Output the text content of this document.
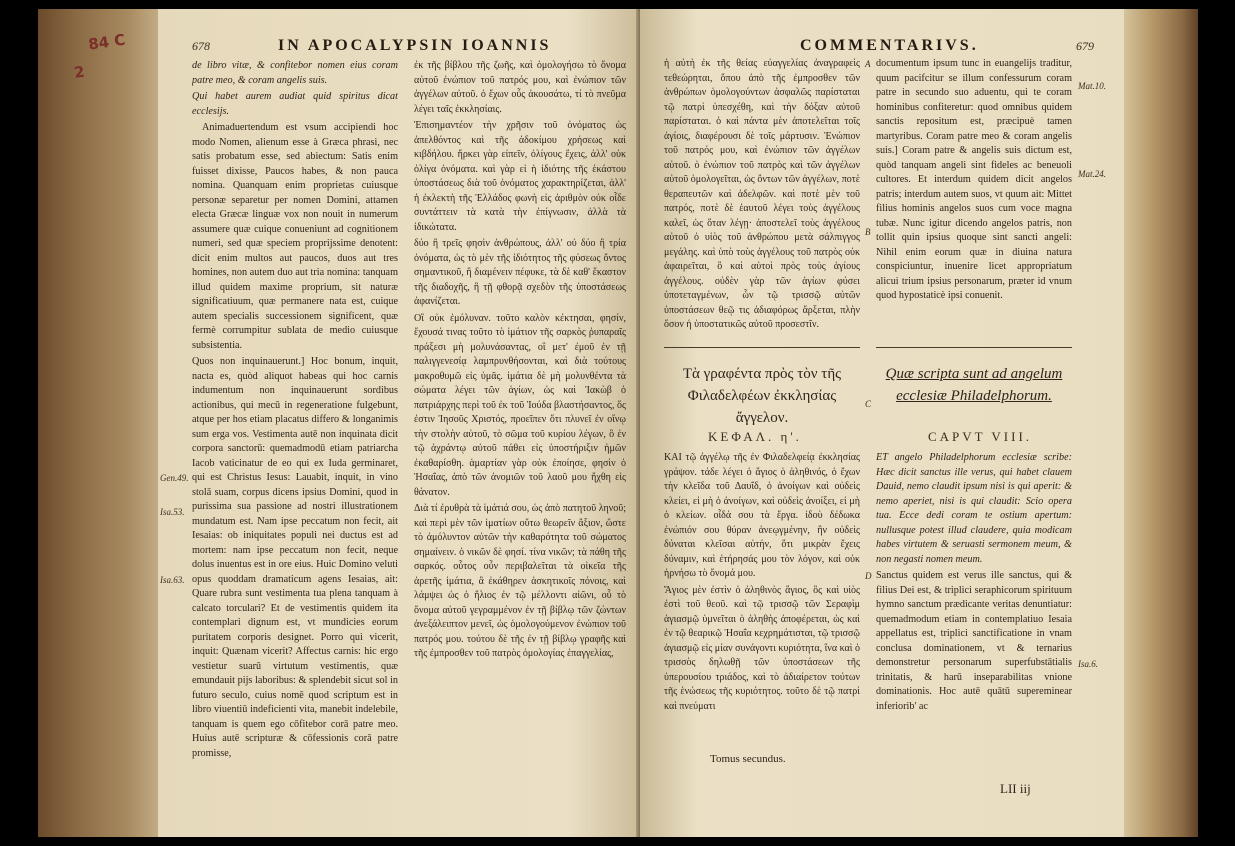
84 C
2
678	IN APOCALYPSIN IOANNIS

de libro vitæ, & confitebor nomen eius coram patre meo, & coram angelis suis.

Qui habet aurem audiat quid spiritus dicat ecclesijs.

Animaduertendum est vsum accipiendi hoc modo Nomen, alienum esse à Græca phrasi, nec satis probatum esse, sed abiectum: Satis enim fuisset dixisse, Paucos habes, & non pauca nomina. Quanquam enim proprietas cuiusque personæ separetur per nomen Domini, attamen electa Græcæ linguæ vox non nouit in numerum assumere quæ cuique conueniunt ad cognitionem numeri, sed quæ speciem proprijssime denotent: dicit enim multos aut paucos, duos aut tres homines, non autem duo aut tria nomina: tanquam illud quidem maxime proprium, sit naturæ significatiuum, quæ permanere nata est, cuique autem specialis successionem significent, quæ fermè corrumpitur sublata de medio cuiusque subsistentia.

Quos non inquinauerunt.] Hoc bonum, inquit, nacta es, quòd aliquot habeas qui hoc carnis indumentum non inquinauerunt sordibus actionibus, qui mecū in regeneratione fulgebunt, atque per hos etiam placatus differo & longanimis sum erga vos. Vestimenta autē non inquinata dicit corpora sanctorū: quemadmodū etiam patriarcha Iacob vaticinatur de eo qui ex Iuda germinaret, qui est Christus Iesus: Lauabit, inquit, in vino stolā suam, corpus dicens ipsius Domini, quod in purissima sua passione ad nostri illustrationem mundatum est. Nam ipse peccatum non fecit, ait Iesaias: ob iniquitates populi nei ductus est ad mortem: nam ipse peccatum non fecit, neque dolus inuentus est in ore eius. Huic Domino veluti opus quoddam dramaticum agens Iesaias, ait: Quare rubra sunt vestimenta tua plena tanquam à calcato torculari? Et de vestimentis quidem ita contemplari dignum est, vt mundicies eorum puritatem corporis designet. Porro qui vicerit, inquit: Quænam vicerit? Affectus carnis: hic ergo vestietur suarū virtutum vestimentis, quæ emundauit pijs laboribus: & splendebit sicut sol in futuro seculo, cuius nomē quod scriptum est in libro viuentiū indeficienti vita, manebit indelebile, tanquam is quem ego cōfitebor corā patre meo. Huius autē scripturæ & cōfessionis corā patre promisse,

Gen.49.
Isa.53.
Isa.63.

ἐκ τῆς βίβλου τῆς ζωῆς, καὶ ὁμολογήσω τὸ ὄνομα αὐτοῦ ἐνώπιον τοῦ πατρός μου, καὶ ἐνώπιον τῶν ἀγγέλων αὐτοῦ. ὁ ἔχων οὖς ἀκουσάτω, τί τὸ πνεῦμα λέγει ταῖς ἐκκλησίαις.

Ἐπισημαντέον τὴν χρῆσιν τοῦ ὀνόματος ὡς ἀπελθόντος καὶ τῆς ἀδοκίμου χρήσεως καὶ κιβδήλου. ἤρκει γὰρ εἰπεῖν, ὀλίγους ἔχεις, ἀλλ' οὐκ ὀλίγα ὀνόματα. καὶ γὰρ εἰ ἡ ἰδιότης τῆς ἑκάστου ὑποστάσεως διὰ τοῦ ὀνόματος χαρακτηρίζεται, ἀλλ' ἡ ἐκλεκτὴ τῆς Ἑλλάδος φωνὴ εἰς ἀριθμὸν οὐκ οἶδε συντάττειν τὰ κατὰ τὴν ἐπίγνωσιν, ἀλλὰ τὰ ἰδικώτατα.

δύο ἢ τρεῖς φησὶν ἀνθρώπους, ἀλλ' οὐ δύο ἢ τρία ὀνόματα, ὡς τὸ μὲν τῆς ἰδιότητος τῆς φύσεως ὄντος σημαντικοῦ, ἣ διαμένειν πέφυκε, τὰ δὲ καθ' ἕκαστον τῆς διαδοχῆς, ἣ τῇ φθορᾷ σχεδὸν τῆς ὑποστάσεως ἀφανίζεται.

Οἳ οὐκ ἐμόλυναν. τοῦτο καλὸν κέκτησαι, φησίν, ἔχουσά τινας τοῦτο τὸ ἱμάτιον τῆς σαρκὸς ῥυπαραῖς πράξεσι μὴ μολυνάσαντας, οἳ μετ' ἐμοῦ ἐν τῇ παλιγγενεσίᾳ λαμπρυνθήσονται, καὶ διὰ τούτους μακροθυμῶ εἰς ὑμᾶς. ἱμάτια δὲ μὴ μολυνθέντα τὰ σώματα λέγει τῶν ἁγίων, ὡς καὶ Ἰακὼβ ὁ πατριάρχης περὶ τοῦ ἐκ τοῦ Ἰούδα βλαστήσαντος, ὅς ἐστιν Ἰησοῦς Χριστός, προεῖπεν ὅτι πλυνεῖ ἐν οἴνῳ τὴν στολὴν αὐτοῦ, τὸ σῶμα τοῦ κυρίου λέγων, ὃ ἐν τῷ ἀχράντῳ αὐτοῦ πάθει εἰς ὑποστήριξιν ἡμῶν ἐκαθαρίσθη. ἁμαρτίαν γὰρ οὐκ ἐποίησε, φησὶν ὁ Ἡσαΐας, ἀπὸ τῶν ἀνομιῶν τοῦ λαοῦ μου ἤχθη εἰς θάνατον.

Διὰ τί ἐρυθρὰ τὰ ἱμάτιά σου, ὡς ἀπὸ πατητοῦ ληνοῦ; καὶ περὶ μὲν τῶν ἱματίων οὕτω θεωρεῖν ἄξιον, ὥστε τὸ ἀμόλυντον αὐτῶν τὴν καθαρότητα τοῦ σώματος σημαίνειν. ὁ νικῶν δὲ φησί. τίνα νικῶν; τὰ πάθη τῆς σαρκός. οὗτος οὖν περιβαλεῖται τὰ οἰκεῖα τῆς ἀρετῆς ἱμάτια, ἃ ἐκάθηρεν ἀσκητικοῖς πόνοις, καὶ λάμψει ὡς ὁ ἥλιος ἐν τῷ μέλλοντι αἰῶνι, οὗ τὸ ὄνομα αὐτοῦ γεγραμμένον ἐν τῇ βίβλῳ τῶν ζώντων ἀνεξάλειπτον μενεῖ, ὡς ὁμολογούμενον ἐνώπιον τοῦ πατρός μου. τούτου δὲ τῆς ἐν τῇ βίβλῳ γραφῆς καὶ τῆς ἐμπροσθεν τοῦ πατρὸς ὁμολογίας ἐπαγγελίας,

COMMENTARIVS.	679
ἡ αὐτὴ ἐκ τῆς θείας εὐαγγελίας ἀναγραφεὶς τεθεώρηται, ὅπου ἀπὸ τῆς ἐμπροσθεν τῶν ἀνθρώπων ὁμολογούντων ἀσφαλῶς παρίσταται τῷ πατρὶ ὑπεσχέθη, καὶ τὴν δόξαν αὐτοῦ παρίσταται. ὁ καὶ πάντα μὲν ἀποτελεῖται τοῖς ἁγίοις, διαφέρουσι δὲ τοῖς μάρτυσιν. Ἐνώπιον τοῦ πατρός μου, καὶ ἐνώπιον τῶν ἀγγέλων αὐτοῦ. ὁ ἐνώπιον τοῦ πατρὸς καὶ τῶν ἀγγέλων αὐτοῦ ὁμολογεῖται, ὡς ὄντων τῶν ἀγγέλων, ποτὲ θεραπευτῶν καὶ ἀδελφῶν. καὶ ποτὲ μὲν τοῦ πατρός, ποτὲ δὲ ἑαυτοῦ λέγει τοὺς ἀγγέλους καλεῖ, ὡς ὅταν λέγῃ· ἀποστελεῖ τοὺς ἀγγέλους αὐτοῦ ὁ υἱὸς τοῦ ἀνθρώπου μετὰ σάλπιγγος μεγάλης. καὶ ὑπὸ τοὺς ἀγγέλους τοῦ πατρὸς οὐκ ἀφαιρεῖται, ὃ καὶ αὐτοὶ πρὸς τοὺς ἁγίους ἀγγέλους. οὐδὲν γὰρ τῶν ἁγίων φύσει ὑποτεταγμένων, ὧν τῷ τρισσῷ αὐτῶν ὑποστάσεων θεῷ τις ἀδιαφόρως ἄρξεται, πλὴν ὅσον ἡ ὑποστατικῶς αὐτοῦ προσεστῖν.
A
B
C
D

documentum ipsum tunc in euangelijs traditur, quum pacifcitur se illum confessurum coram patre in secundo suo aduentu, qui te coram hominibus confiteretur: quod omnibus quidem sanctis repositum est, præcipuè tamen martyribus. Coram patre meo & coram angelis suis.] Coram patre & angelis suis dictum est, quòd tanquam angeli sint fideles ac beneuoli cultores. Et interdum quidem dicit angelos patris; interdum autem suos, vt quum ait: Mittet filius hominis angelos suos cum voce magna tubæ. Nunc igitur dicendo angelos patris, non tollit quin ipsius quoque sint sancti angeli: Nihil enim eorum quæ in diuina natura conspiciuntur, inuenire licet appropriatum alicui trium ipsius personarum, præter id vnum quod hypostaticè ipsi conuenit.

Mat.10.
Mat.24.
Isa.6.
Τὰ γραφέντα πρὸς τὸν τῆς Φιλαδελφέων ἐκκλησίας ἄγγελον.
Quæ scripta sunt ad angelum ecclesiæ Philadelphorum.
ΚΕΦΑΛ. η'.	CAPVT VIII.

ΚΑΙ τῷ ἀγγέλῳ τῆς ἐν Φιλαδελφείᾳ ἐκκλησίας γράψον. τάδε λέγει ὁ ἅγιος ὁ ἀληθινός, ὁ ἔχων τὴν κλεῖδα τοῦ Δαυΐδ, ὁ ἀνοίγων καὶ οὐδεὶς κλείει, εἰ μὴ ὁ ἀνοίγων, καὶ οὐδεὶς ἀνοίξει, εἰ μὴ ὁ κλείων. οἶδά σου τὰ ἔργα. ἰδοὺ δέδωκα ἐνώπιόν σου θύραν ἀνεῳγμένην, ἣν οὐδεὶς δύναται κλεῖσαι αὐτήν, ὅτι μικρὰν ἔχεις δύναμιν, καὶ ἐτήρησάς μου τὸν λόγον, καὶ οὐκ ἠρνήσω τὸ ὄνομά μου.

Ἅγιος μὲν ἐστὶν ὁ ἀληθινὸς ἅγιος, ὃς καὶ υἱὸς ἐστὶ τοῦ θεοῦ. καὶ τῷ τρισσῷ τῶν Σεραφὶμ ἁγιασμῷ ὑμνεῖται ὁ ἀληθὴς ἀποφέρεται, ὡς καὶ ἐν τῷ θεαρικῷ Ἡσαΐα κεχρημάτισται, τῷ τρισσῷ ἁγιασμῷ εἰς μίαν συνάγοντι κυριότητα, ἵνα καὶ ὁ τρισσὸς δηλωθῇ τῶν ὑποστάσεων τῆς ὑπερουσίου τριάδος, καὶ τὸ ἀδιαίρετον τούτων τῆς ἑνώσεως τῆς κυριότητος. τοῦτο δὲ τῷ πατρὶ καὶ πνεύματι

ET angelo Philadelphorum ecclesiæ scribe: Hæc dicit sanctus ille verus, qui habet clauem Dauid, nemo claudit ipsum nisi is qui aperit: & nemo aperiet, nisi is qui claudit: Scio opera tua. Ecce dedi coram te ostium apertum: nullusque potest illud claudere, quia modicam habes virtutem & seruasti sermonem meum, & non negasti nomen meum.

Sanctus quidem est verus ille sanctus, qui & filius Dei est, & triplici seraphicorum spirituum hymno sanctum prædicante veritas denuntiatur: quemadmodum etiam in contemplatiuo Iesaia appellatus est, triplici sanctificatione in vnam conclusa dominationem, vt & ternarius demonstretur personarum superfubstātialis trinitatis, & harū inseparabilitas vnione dominationis. Hoc autē quātū supereminear inferiorib' ac

Tomus secundus.
LII iij
